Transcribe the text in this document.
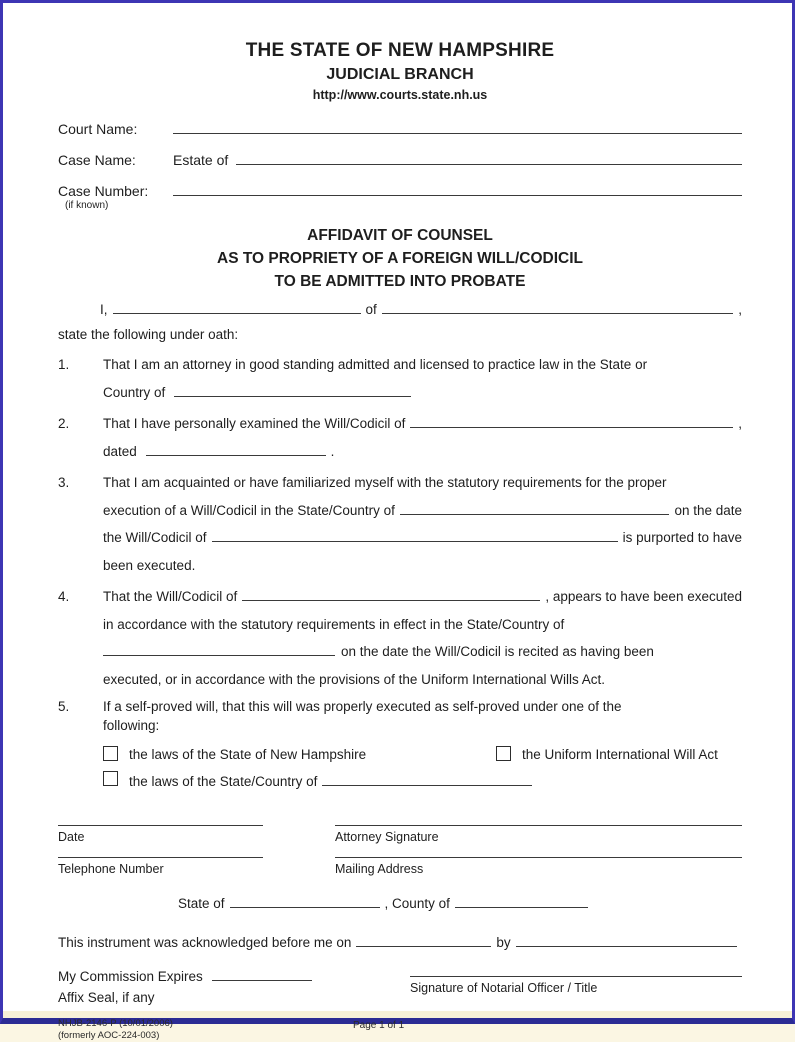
THE STATE OF NEW HAMPSHIRE
JUDICIAL BRANCH
http://www.courts.state.nh.us
Court Name:
Case Name:	Estate of
Case Number:
(if known)
AFFIDAVIT OF COUNSEL
AS TO PROPRIETY OF A FOREIGN WILL/CODICIL
TO BE ADMITTED INTO PROBATE
I,	of	,
state the following under oath:
1.	That I am an attorney in good standing admitted and licensed to practice law in the State or

Country of

2.	That I have personally examined the Will/Codicil of	,

dated	.

3.	That I am acquainted or have familiarized myself with the statutory requirements for the proper

execution of a Will/Codicil in the State/Country of	on the date

the Will/Codicil of	is purported to have

been executed.

4.	That the Will/Codicil of	, appears to have been executed

in accordance with the statutory requirements in effect in the State/Country of

on the date the Will/Codicil is recited as having been

executed, or in accordance with the provisions of the Uniform International Wills Act.

5.	If a self-proved will, that this will was properly executed as self-proved under one of the

following:

the laws of the State of New Hampshire	the Uniform International Will Act
the laws of the State/Country of
Date	Attorney Signature
Telephone Number	Mailing Address
State of	, County of
This instrument was acknowledged before me on	by
My Commission Expires
Affix Seal, if any
Signature of Notarial Officer / Title
NHJB-2146-P (10/01/2006)
(formerly AOC-224-003)
Page 1 of 1
